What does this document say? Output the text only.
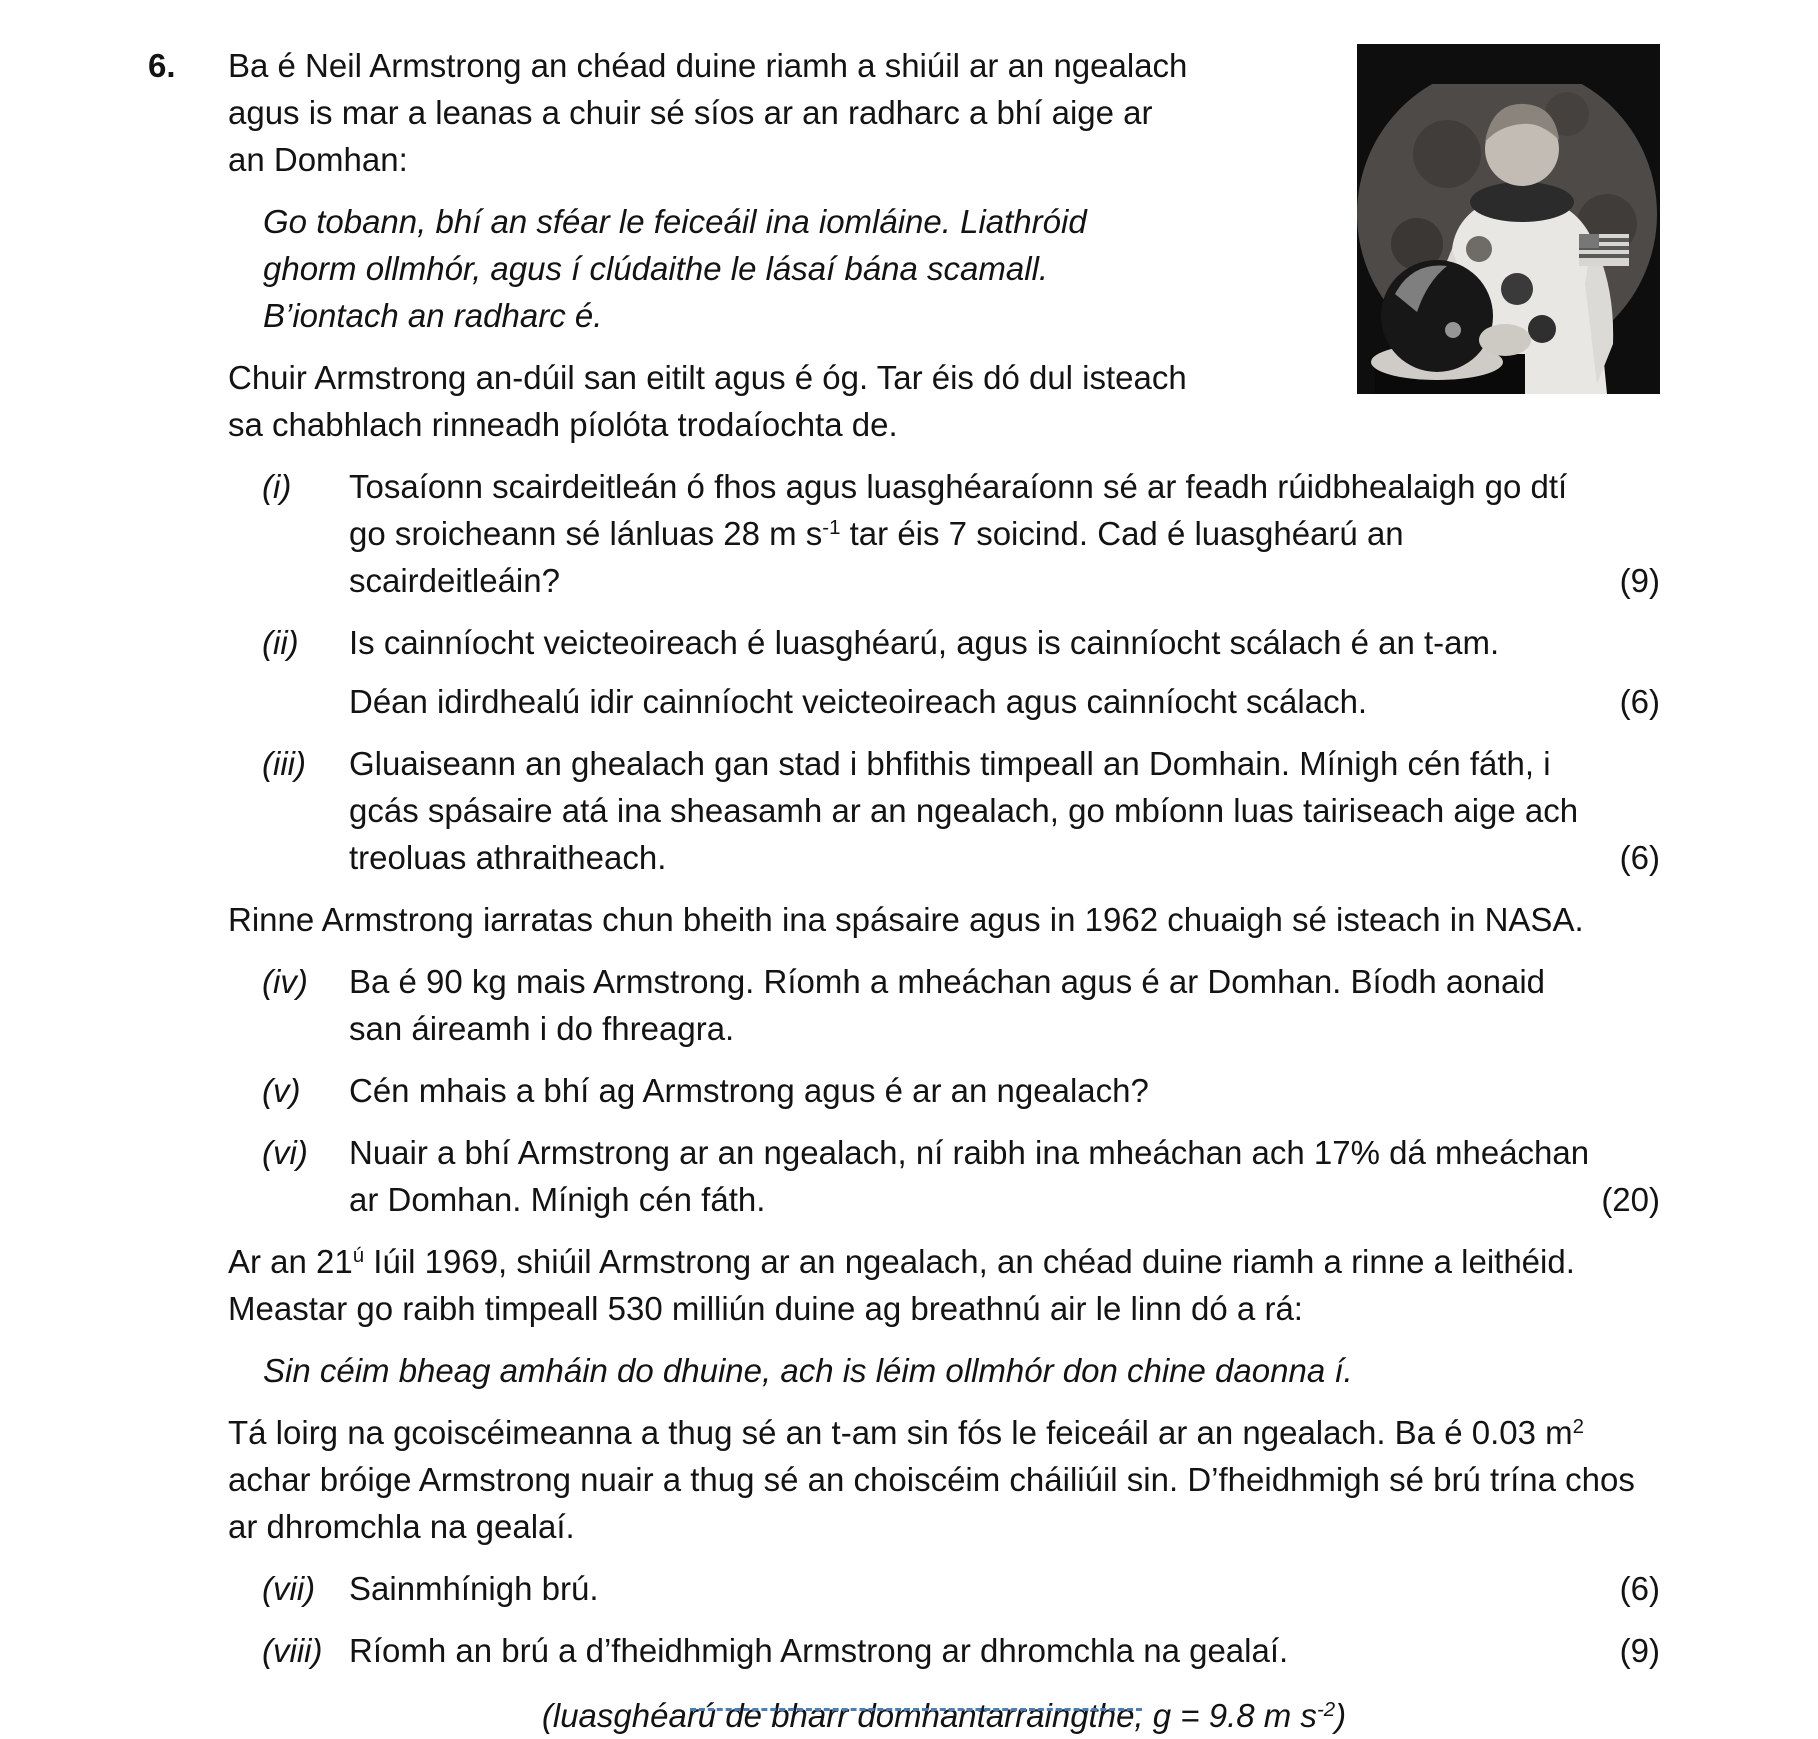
6. Ba é Neil Armstrong an chéad duine riamh a shiúil ar an ngealach agus is mar a leanas a chuir sé síos ar an radharc a bhí aige ar an Domhan:

Go tobann, bhí an sféar le feiceáil ina iomláine. Liathróid ghorm ollmhór, agus í clúdaithe le lásaí bána scamall. B’iontach an radharc é.

Chuir Armstrong an-dúil san eitilt agus é óg. Tar éis dó dul isteach sa chabhlach rinneadh píolóta trodaíochta de.

(i)	Tosaíonn scairdeitleán ó fhos agus luasghéaraíonn sé ar feadh rúidbhealaigh go dtí go sroicheann sé lánluas 28 m $s^{-1}$ tar éis 7 soicind. Cad é luasghéarú an scairdeitleáin?	(9)
(ii)	Is cainníocht veicteoireach é luasghéarú, agus is cainníocht scálach é an t-am.

Déan idirdhealú idir cainníocht veicteoireach agus cainníocht scálach.	(6)
(iii)	Gluaiseann an ghealach gan stad i bhfithis timpeall an Domhain. Mínigh cén fáth, i gcás spásaire atá ina sheasamh ar an ngealach, go mbíonn luas tairiseach aige ach treoluas athraitheach.	(6)

Rinne Armstrong iarratas chun bheith ina spásaire agus in 1962 chuaigh sé isteach in NASA.

(iv)	Ba é 90 kg mais Armstrong. Ríomh a mheáchan agus é ar Domhan. Bíodh aonaid san áireamh i do fhreagra.

(v)	Cén mhais a bhí ag Armstrong agus é ar an ngealach?

(vi)	Nuair a bhí Armstrong ar an ngealach, ní raibh ina mheáchan ach 17% dá mheáchan ar Domhan. Mínigh cén fáth.	(20)

Ar an $21^ú$ Iúil 1969, shiúil Armstrong ar an ngealach, an chéad duine riamh a rinne a leithéid. Meastar go raibh timpeall 530 milliún duine ag breathnú air le linn dó a rá:

Sin céim bheag amháin do dhuine, ach is léim ollmhór don chine daonna í.

Tá loirg na gcoiscéimeanna a thug sé an t-am sin fós le feiceáil ar an ngealach. Ba é 0.03 $m^2$ achar bróige Armstrong nuair a thug sé an choiscéim cháiliúil sin. D’fheidhmigh sé brú trína chos ar dhromchla na gealaí.

(vii)	Sainmhínigh brú.	(6)
(viii) Ríomh an brú a d’fheidhmigh Armstrong ar dhromchla na gealaí.	(9)

(luasghéarú de bharr domhantarraingthe, g = 9.8 m $s^{-2}$)
